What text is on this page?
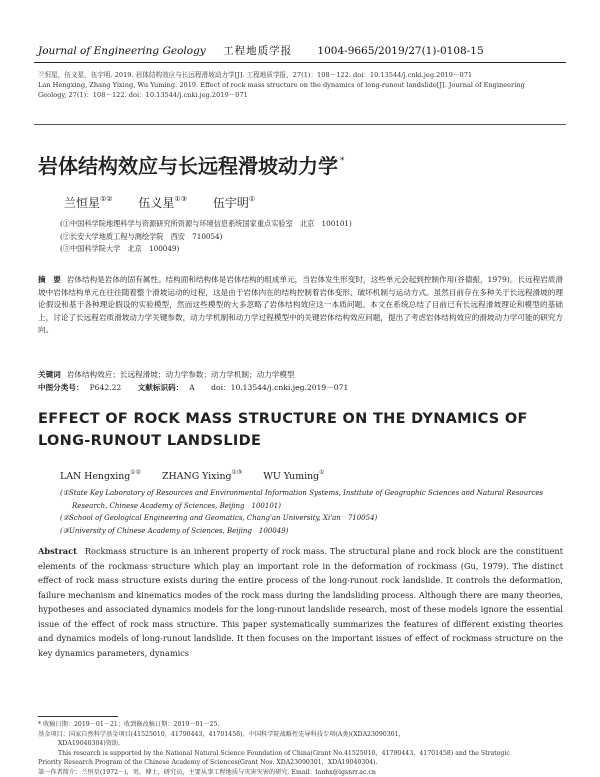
Journal of Engineering Geology 工程地质学报 1004-9665/2019/27(1)-0108-15

兰恒星，伍义星，伍宇明. 2019. 岩体结构效应与长远程滑坡动力学[J]. 工程地质学报，27(1)：108－122. doi：10.13544/j.cnki.jeg.2019－071

Lan Hengxing, Zhang Yixing, Wu Yuming. 2019. Effect of rock mass structure on the dynamics of long-runout landslide[J]. Journal of Engineering

Geology, 27(1)：108－122. doi：10.13544/j.cnki.jeg.2019－071

岩体结构效应与长远程滑坡动力学 *
兰恒星①② 伍义星①③ 伍宇明①

(①中国科学院地理科学与资源研究所资源与环境信息系统国家重点实验室　北京　100101)

(②长安大学地质工程与测绘学院　西安　710054)

(③中国科学院大学　北京　100049)

摘　要 岩体结构是岩体的固有属性。结构面和结构体是岩体结构的组成单元，当岩体发生形变时，这些单元会起到控制作用(谷德振，1979)。长远程岩质滑坡中岩体结构单元在往往随着整个滑坡运动的过程，这是由于岩体内在的结构控制着岩体变形、破坏机制与运动方式。虽然目前存在多种关于长远程滑坡的理论假设和基于各种理论假设的实验模型，然而这些模型的大多忽略了岩体结构效应这一本质问题。本文在系统总结了目前已有长远程滑坡理论和模型的基础上，讨论了长远程岩质滑坡动力学关键参数，动力学机制和动力学过程模型中的关键岩体结构效应问题，提出了考虑岩体结构效应的滑坡动力学可能的研究方向。

关键词 岩体结构效应；长远程滑坡；动力学参数；动力学机制；动力学模型
中图分类号： P642.22 文献标识码： A doi：10.13544/j.cnki.jeg.2019－071
EFFECT OF ROCK MASS STRUCTURE ON THE DYNAMICS OF LONG-RUNOUT LANDSLIDE
LAN Hengxing①② ZHANG Yixing①③ WU Yuming①

(①State Key Laboratory of Resources and Environmental Information Systems, Institute of Geographic Sciences and Natural Resources

Research, Chinese Academy of Sciences, Beijing　100101)

(②School of Geological Engineering and Geomatics, Chang'an University, Xi'an　710054)

(③University of Chinese Academy of Sciences, Beijing　100049)

Abstract Rockmass structure is an inherent property of rock mass. The structural plane and rock block are the constituent elements of the rockmass structure which play an important role in the deformation of rockmass (Gu, 1979). The distinct effect of rock mass structure exists during the entire process of the long-runout rock landslide. It controls the deformation, failure mechanism and kinematics modes of the rock mass during the landsliding process. Although there are many theories, hypotheses and associated dynamics models for the long-runout landslide research, most of these models ignore the essential issue of the effect of rock mass structure. This paper systematically summarizes the features of different existing theories and dynamics models of long-runout landslide. It then focuses on the important issues of effect of rockmass structure on the key dynamics parameters, dynamics

* 收稿日期：2019－01－21；收到修改稿日期：2019－01－25.

基金项目：国家自然科学基金项目(41525010，41790443，41701458)，中国科学院战略性先导科技专项(A类)(XDA23090301，

XDA19040304)资助.

This research is supported by the National Natural Science Foundation of China(Grant No.41525010，41790443，41701458) and the Strategic

Priority Research Program of the Chinese Academy of Sciences(Grant Nos. XDA23090301，XDA19040304).

第一作者简介：兰恒星(1972－)，男，博士，研究员，主要从事工程地质与灾害灾害的研究. Email：lanhx@igsnrr.ac.cn
